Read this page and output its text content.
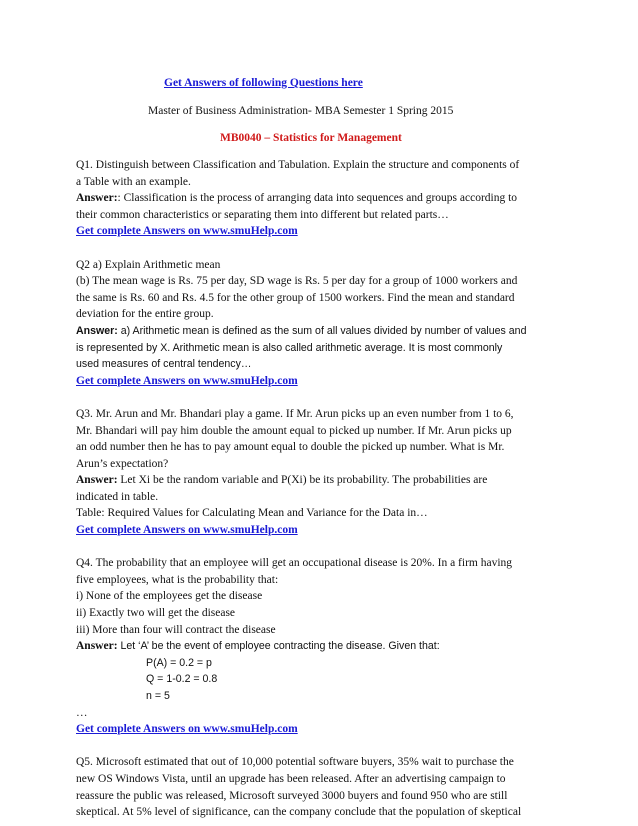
Get Answers of following Questions here
Master of Business Administration- MBA Semester 1 Spring 2015
MB0040 – Statistics for Management
Q1. Distinguish between Classification and Tabulation. Explain the structure and components of
a Table with an example.
Answer:: Classification is the process of arranging data into sequences and groups according to
their common characteristics or separating them into different but related parts…
Get complete Answers on www.smuHelp.com
Q2 a) Explain Arithmetic mean
(b) The mean wage is Rs. 75 per day, SD wage is Rs. 5 per day for a group of 1000 workers and
the same is Rs. 60 and Rs. 4.5 for the other group of 1500 workers. Find the mean and standard
deviation for the entire group.
Answer: a) Arithmetic mean is defined as the sum of all values divided by number of values and
is represented by X. Arithmetic mean is also called arithmetic average. It is most commonly
used measures of central tendency…
Get complete Answers on www.smuHelp.com
Q3. Mr. Arun and Mr. Bhandari play a game. If Mr. Arun picks up an even number from 1 to 6,
Mr. Bhandari will pay him double the amount equal to picked up number. If Mr. Arun picks up
an odd number then he has to pay amount equal to double the picked up number. What is Mr.
Arun’s expectation?
Answer: Let Xi be the random variable and P(Xi) be its probability. The probabilities are
indicated in table.
Table: Required Values for Calculating Mean and Variance for the Data in…
Get complete Answers on www.smuHelp.com
Q4. The probability that an employee will get an occupational disease is 20%. In a firm having
five employees, what is the probability that:
i) None of the employees get the disease
ii) Exactly two will get the disease
iii) More than four will contract the disease
Answer: Let ‘A’ be the event of employee contracting the disease. Given that:
P(A) = 0.2 = p
Q = 1-0.2 = 0.8
n = 5
…
Get complete Answers on www.smuHelp.com
Q5. Microsoft estimated that out of 10,000 potential software buyers, 35% wait to purchase the
new OS Windows Vista, until an upgrade has been released. After an advertising campaign to
reassure the public was released, Microsoft surveyed 3000 buyers and found 950 who are still
skeptical. At 5% level of significance, can the company conclude that the population of skeptical
